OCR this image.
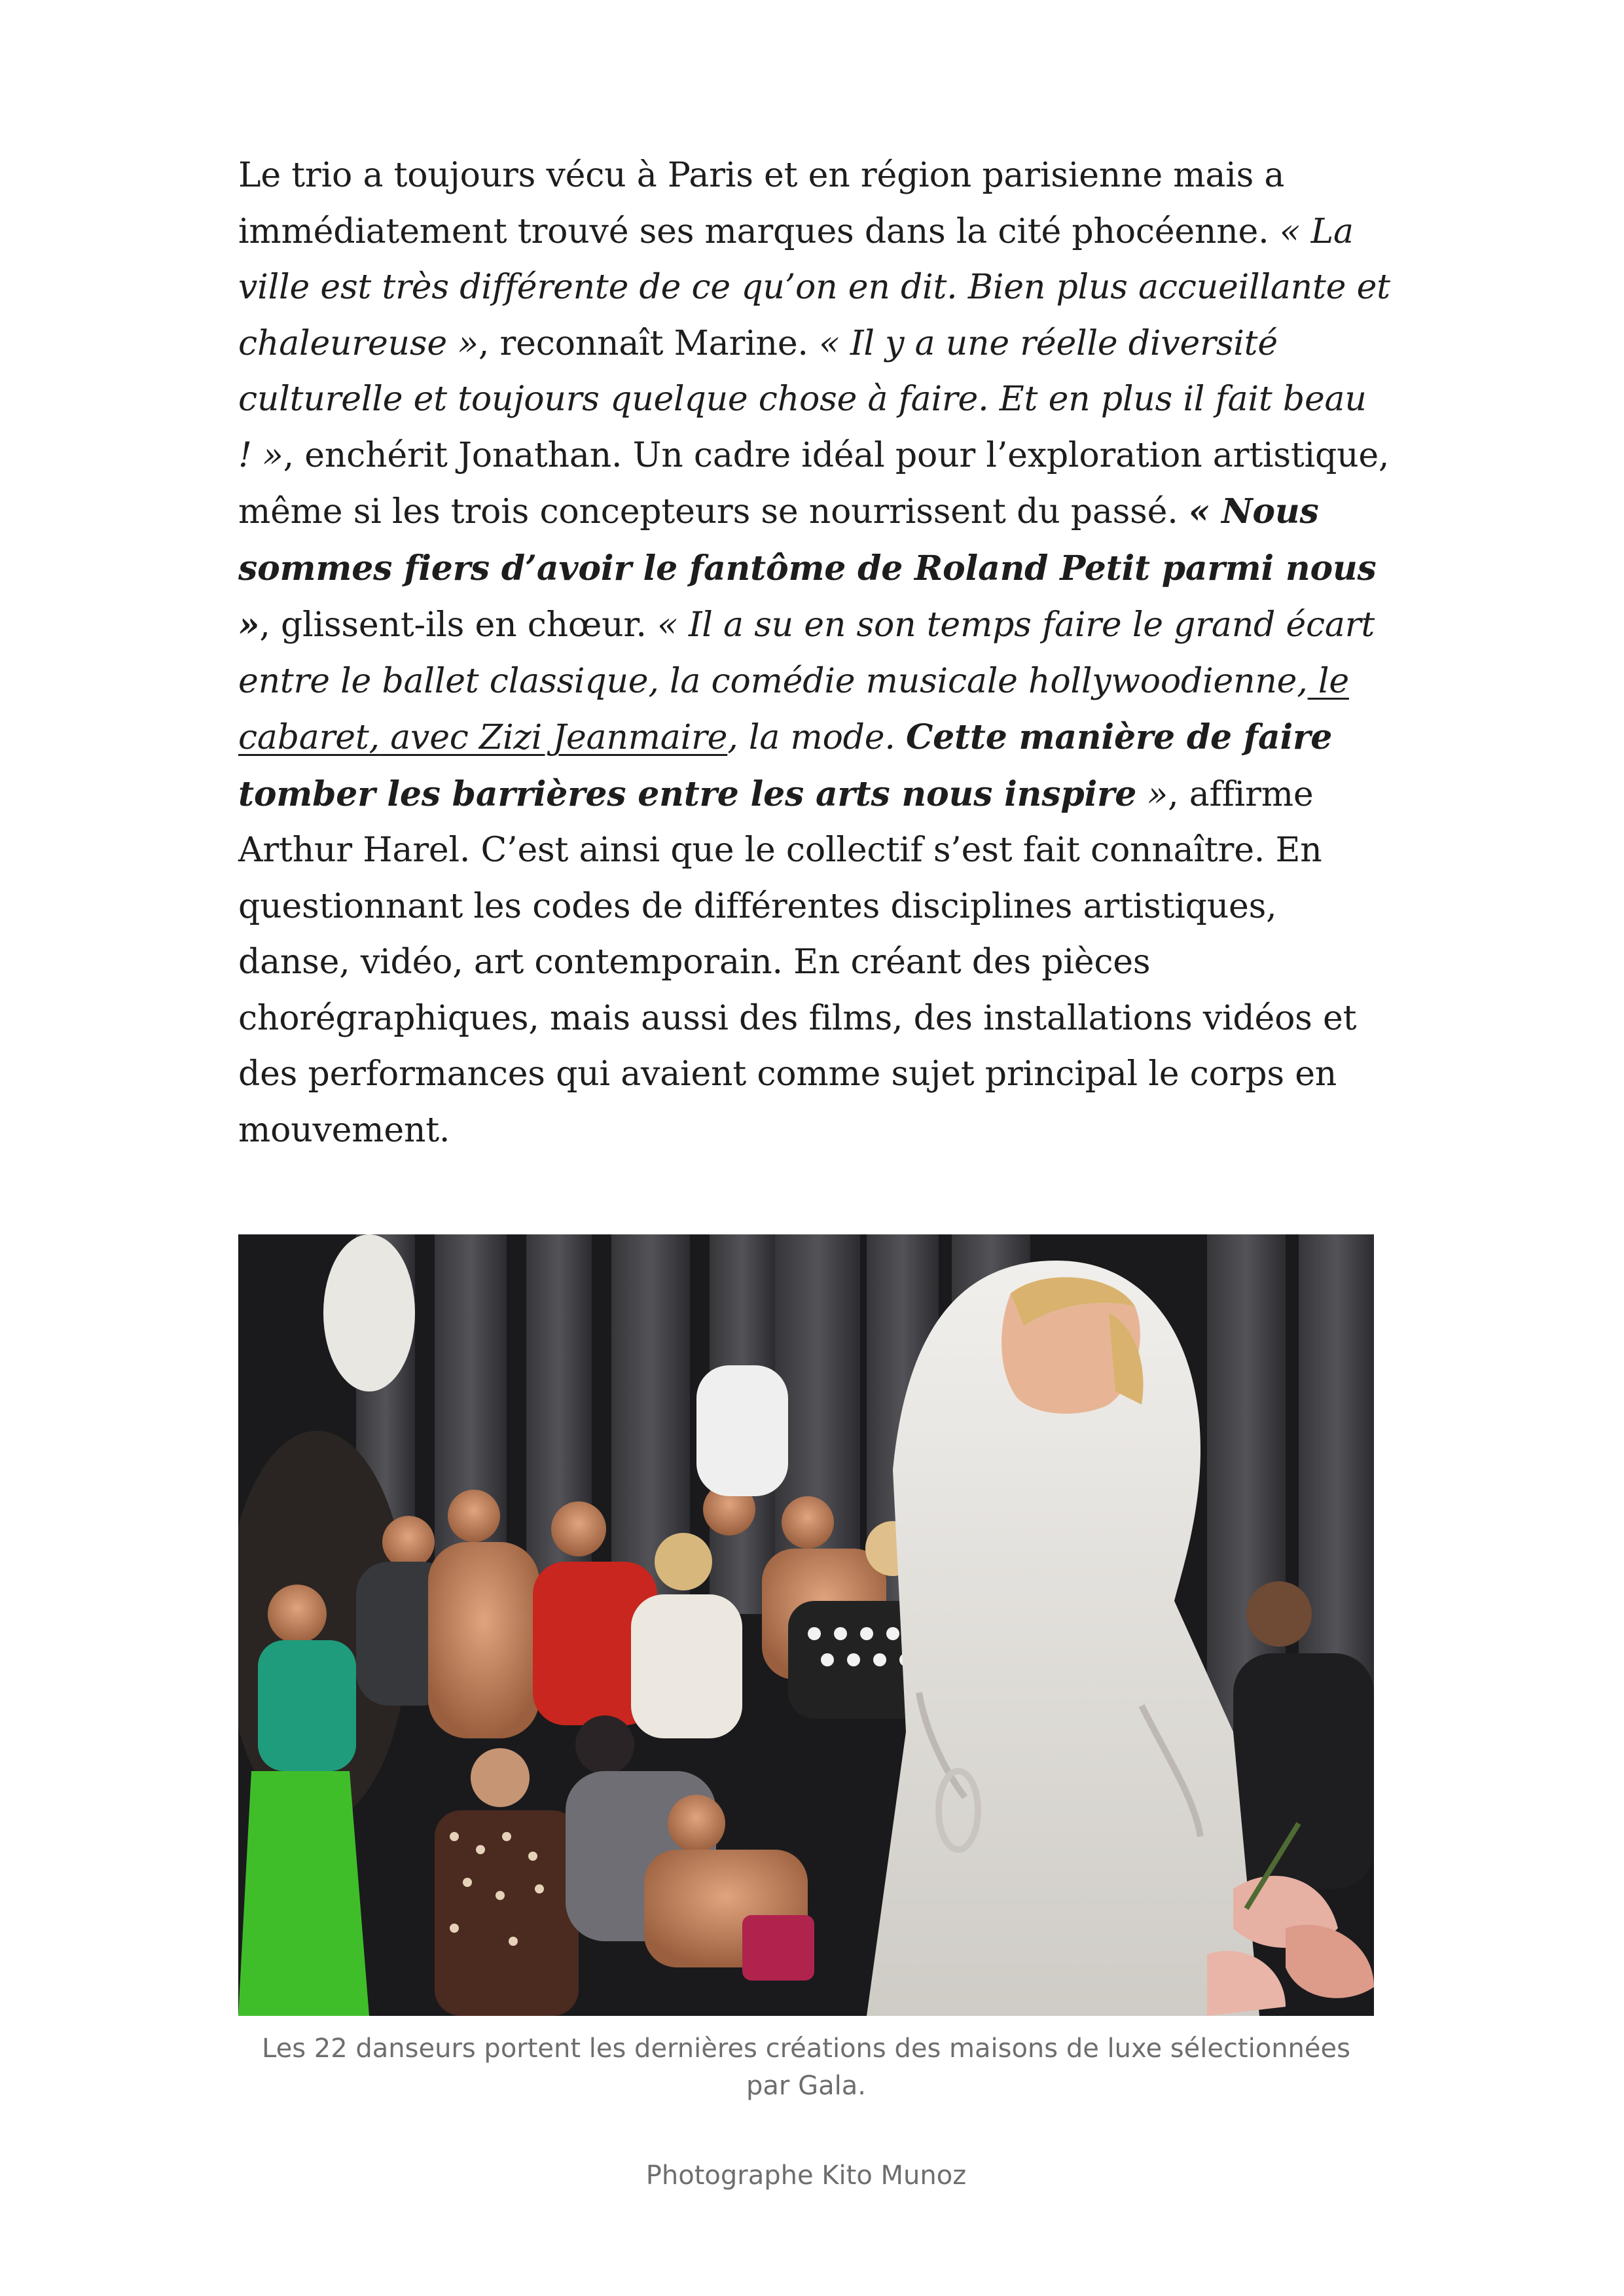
Le trio a toujours vécu à Paris et en région parisienne mais a immédiatement trouvé ses marques dans la cité phocéenne. « La ville est très différente de ce qu’on en dit. Bien plus accueillante et chaleureuse », reconnaît Marine. « Il y a une réelle diversité culturelle et toujours quelque chose à faire. Et en plus il fait beau ! », enchérit Jonathan. Un cadre idéal pour l’exploration artistique, même si les trois concepteurs se nourrissent du passé. « Nous sommes fiers d’avoir le fantôme de Roland Petit parmi nous », glissent-ils en chœur. « Il a su en son temps faire le grand écart entre le ballet classique, la comédie musicale hollywoodienne, le cabaret, avec Zizi Jeanmaire, la mode. Cette manière de faire tomber les barrières entre les arts nous inspire », affirme Arthur Harel. C’est ainsi que le collectif s’est fait connaître. En questionnant les codes de différentes disciplines artistiques, danse, vidéo, art contemporain. En créant des pièces chorégraphiques, mais aussi des films, des installations vidéos et des performances qui avaient comme sujet principal le corps en mouvement.

Les 22 danseurs portent les dernières créations des maisons de luxe sélectionnées par Gala.

Photographe Kito Munoz
